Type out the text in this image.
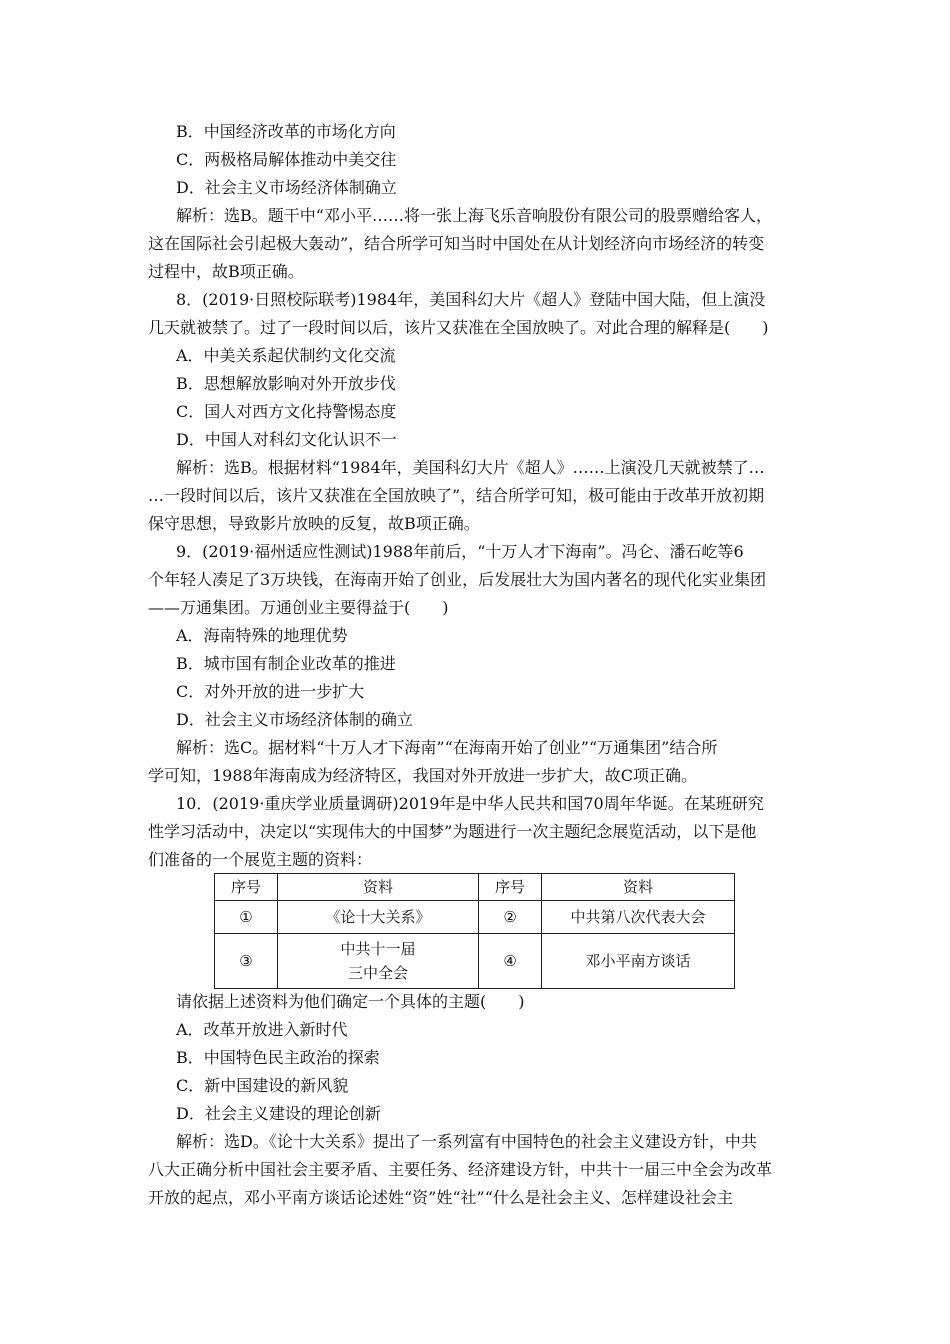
B．中国经济改革的市场化方向
C．两极格局解体推动中美交往
D．社会主义市场经济体制确立
解析：选B。题干中“邓小平……将一张上海飞乐音响股份有限公司的股票赠给客人，
这在国际社会引起极大轰动”，结合所学可知当时中国处在从计划经济向市场经济的转变
过程中，故B项正确。
8．(2019·日照校际联考)1984年，美国科幻大片《超人》登陆中国大陆，但上演没
几天就被禁了。过了一段时间以后，该片又获准在全国放映了。对此合理的解释是(　　)
A．中美关系起伏制约文化交流
B．思想解放影响对外开放步伐
C．国人对西方文化持警惕态度
D．中国人对科幻文化认识不一
解析：选B。根据材料“1984年，美国科幻大片《超人》……上演没几天就被禁了…
…一段时间以后，该片又获准在全国放映了”，结合所学可知，极可能由于改革开放初期
保守思想，导致影片放映的反复，故B项正确。
9．(2019·福州适应性测试)1988年前后，“十万人才下海南”。冯仑、潘石屹等6
个年轻人凑足了3万块钱，在海南开始了创业，后发展壮大为国内著名的现代化实业集团
——万通集团。万通创业主要得益于(　　)
A．海南特殊的地理优势
B．城市国有制企业改革的推进
C．对外开放的进一步扩大
D．社会主义市场经济体制的确立
解析：选C。据材料“十万人才下海南”“在海南开始了创业”“万通集团”结合所
学可知，1988年海南成为经济特区，我国对外开放进一步扩大，故C项正确。
10．(2019·重庆学业质量调研)2019年是中华人民共和国70周年华诞。在某班研究
性学习活动中，决定以“实现伟大的中国梦”为题进行一次主题纪念展览活动，以下是他
们准备的一个展览主题的资料：
序号	资料	序号	资料
①	《论十大关系》	②	中共第八次代表大会
③	中共十一届
三中全会	④	邓小平南方谈话
请依据上述资料为他们确定一个具体的主题(　　)
A．改革开放进入新时代
B．中国特色民主政治的探索
C．新中国建设的新风貌
D．社会主义建设的理论创新
解析：选D。《论十大关系》提出了一系列富有中国特色的社会主义建设方针，中共
八大正确分析中国社会主要矛盾、主要任务、经济建设方针，中共十一届三中全会为改革
开放的起点，邓小平南方谈话论述姓“资”姓“社”“什么是社会主义、怎样建设社会主
